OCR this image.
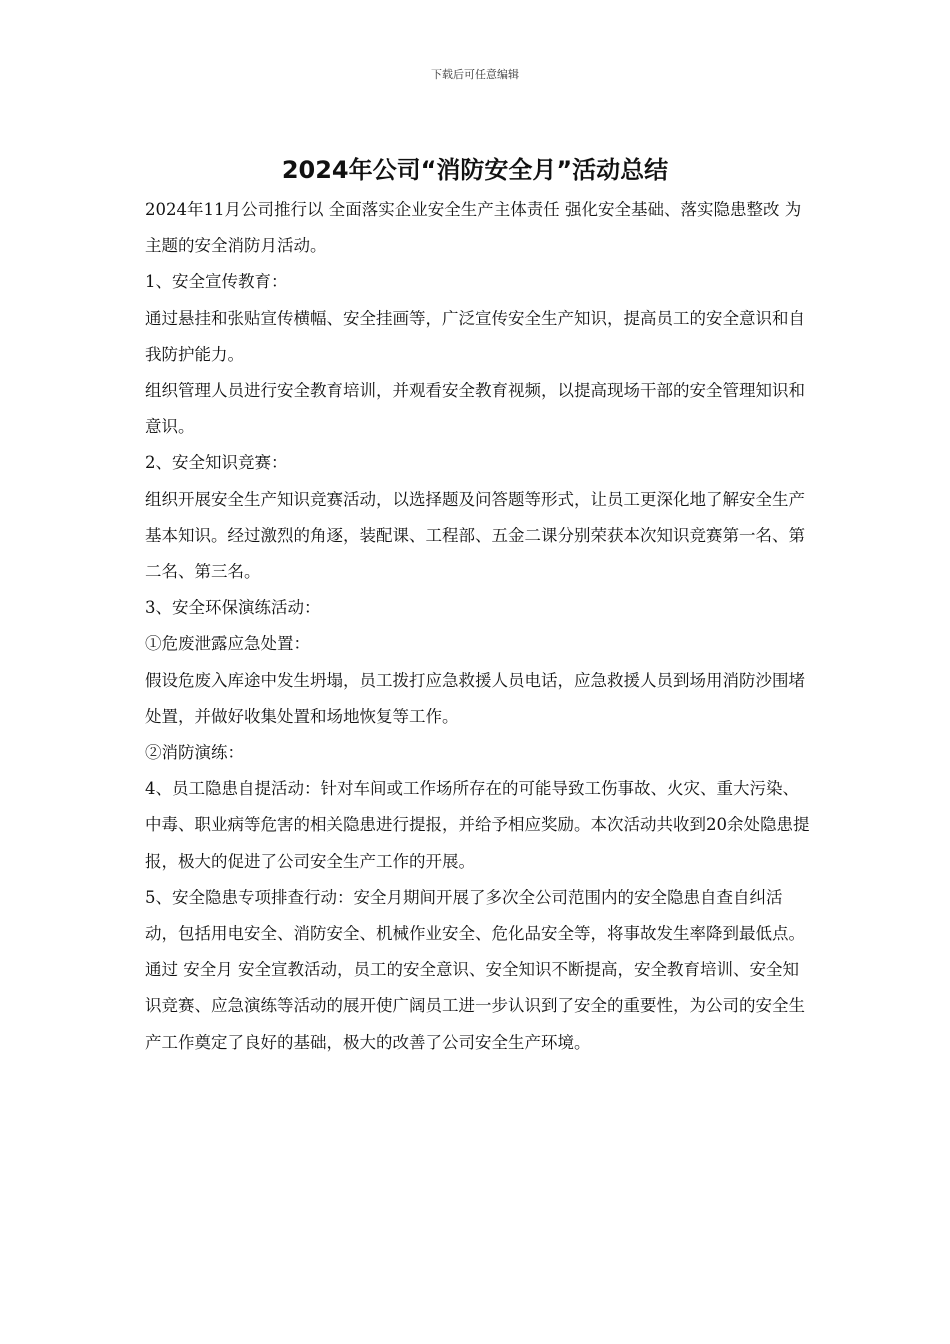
下载后可任意编辑
2024年公司“消防安全月”活动总结

2024年11月公司推行以 全面落实企业安全生产主体责任 强化安全基础、落实隐患整改 为主题的安全消防月活动。

1、安全宣传教育：

通过悬挂和张贴宣传横幅、安全挂画等，广泛宣传安全生产知识，提高员工的安全意识和自我防护能力。

组织管理人员进行安全教育培训，并观看安全教育视频，以提高现场干部的安全管理知识和意识。

2、安全知识竞赛：

组织开展安全生产知识竞赛活动，以选择题及问答题等形式，让员工更深化地了解安全生产基本知识。经过激烈的角逐，装配课、工程部、五金二课分别荣获本次知识竞赛第一名、第二名、第三名。

3、安全环保演练活动：

①危废泄露应急处置：

假设危废入库途中发生坍塌，员工拨打应急救援人员电话，应急救援人员到场用消防沙围堵处置，并做好收集处置和场地恢复等工作。

②消防演练：

4、员工隐患自提活动：针对车间或工作场所存在的可能导致工伤事故、火灾、重大污染、中毒、职业病等危害的相关隐患进行提报，并给予相应奖励。本次活动共收到20余处隐患提报，极大的促进了公司安全生产工作的开展。

5、安全隐患专项排查行动：安全月期间开展了多次全公司范围内的安全隐患自查自纠活动，包括用电安全、消防安全、机械作业安全、危化品安全等，将事故发生率降到最低点。

通过 安全月 安全宣教活动，员工的安全意识、安全知识不断提高，安全教育培训、安全知识竞赛、应急演练等活动的展开使广阔员工进一步认识到了安全的重要性，为公司的安全生产工作奠定了良好的基础，极大的改善了公司安全生产环境。
